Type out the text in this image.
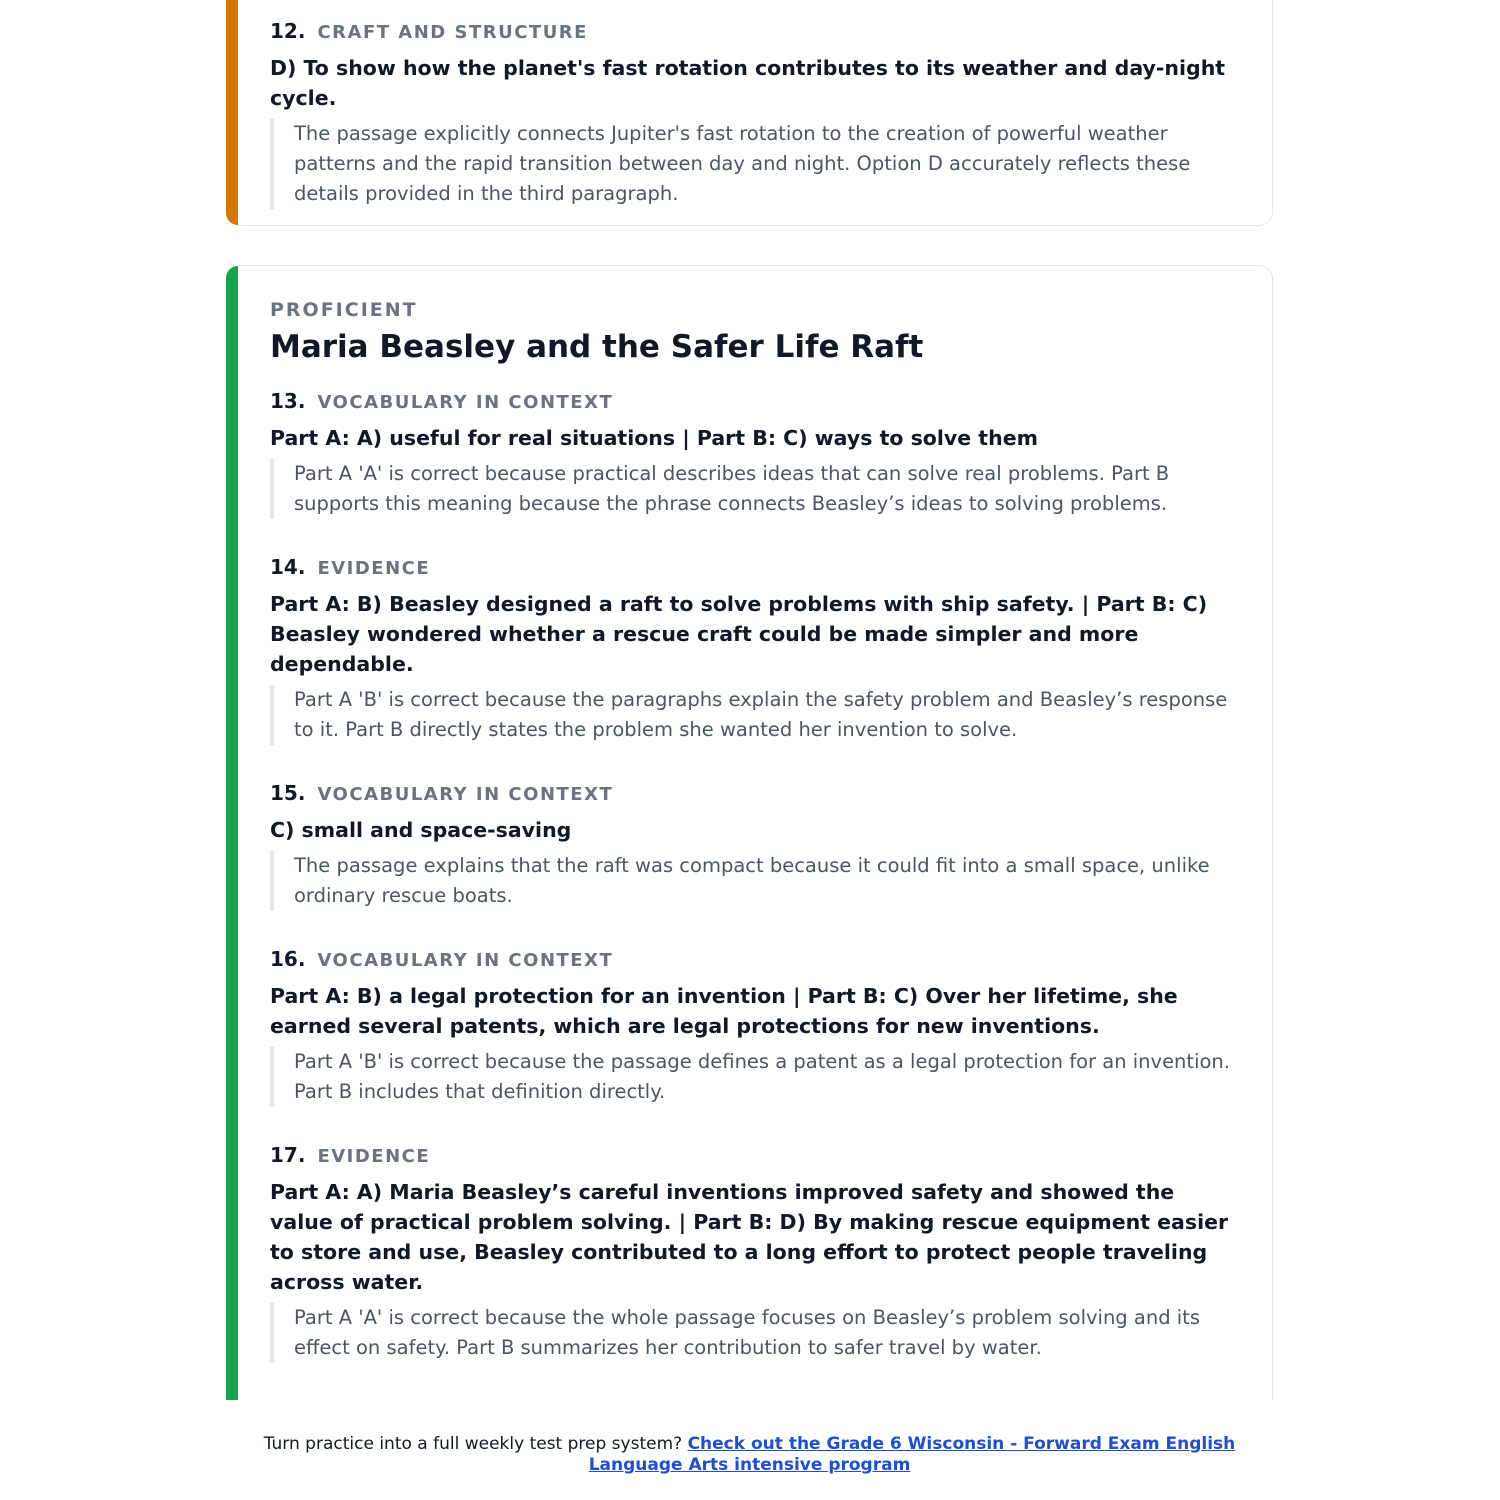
12. CRAFT AND STRUCTURE
D) To show how the planet's fast rotation contributes to its weather and day-night cycle.
The passage explicitly connects Jupiter's fast rotation to the creation of powerful weather patterns and the rapid transition between day and night. Option D accurately reflects these details provided in the third paragraph.
PROFICIENT
Maria Beasley and the Safer Life Raft
13. VOCABULARY IN CONTEXT
Part A: A) useful for real situations | Part B: C) ways to solve them
Part A 'A' is correct because practical describes ideas that can solve real problems. Part B supports this meaning because the phrase connects Beasley’s ideas to solving problems.
14. EVIDENCE
Part A: B) Beasley designed a raft to solve problems with ship safety. | Part B: C) Beasley wondered whether a rescue craft could be made simpler and more dependable.
Part A 'B' is correct because the paragraphs explain the safety problem and Beasley’s response to it. Part B directly states the problem she wanted her invention to solve.
15. VOCABULARY IN CONTEXT
C) small and space-saving
The passage explains that the raft was compact because it could fit into a small space, unlike ordinary rescue boats.
16. VOCABULARY IN CONTEXT
Part A: B) a legal protection for an invention | Part B: C) Over her lifetime, she earned several patents, which are legal protections for new inventions.
Part A 'B' is correct because the passage defines a patent as a legal protection for an invention. Part B includes that definition directly.
17. EVIDENCE
Part A: A) Maria Beasley’s careful inventions improved safety and showed the value of practical problem solving. | Part B: D) By making rescue equipment easier to store and use, Beasley contributed to a long effort to protect people traveling across water.
Part A 'A' is correct because the whole passage focuses on Beasley’s problem solving and its effect on safety. Part B summarizes her contribution to safer travel by water.
Turn practice into a full weekly test prep system? Check out the Grade 6 Wisconsin - Forward Exam English Language Arts intensive program
